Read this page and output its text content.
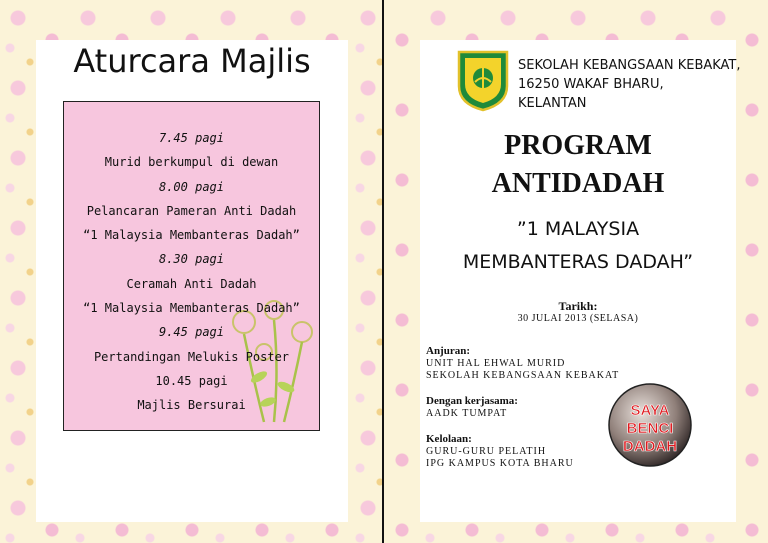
Aturcara Majlis
7.45 pagi
Murid berkumpul di dewan
8.00 pagi
Pelancaran Pameran Anti Dadah
“1 Malaysia Membanteras Dadah”
8.30 pagi
Ceramah Anti Dadah
“1 Malaysia Membanteras Dadah”
9.45 pagi
Pertandingan Melukis Poster
10.45 pagi
Majlis Bersurai
SEKOLAH KEBANGSAAN KEBAKAT,
16250 WAKAF BHARU,
KELANTAN
PROGRAM
ANTIDADAH
”1 MALAYSIA
MEMBANTERAS DADAH”
Tarikh:
30 JULAI 2013 (SELASA)
Anjuran:
UNIT HAL EHWAL MURID
SEKOLAH KEBANGSAAN KEBAKAT
Dengan kerjasama:
AADK TUMPAT
Kelolaan:
GURU-GURU PELATIH
IPG KAMPUS KOTA BHARU
SAYA
BENCI
DADAH
